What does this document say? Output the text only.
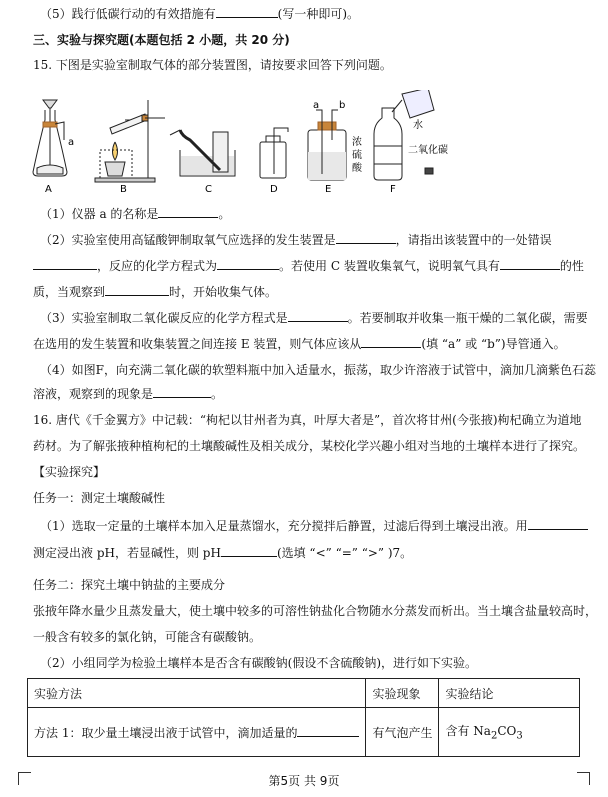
（5）践行低碳行动的有效措施有	(写一种即可)。
三、实验与探究题(本题包括 2 小题，共 20 分)
15. 下图是实验室制取气体的部分装置图，请按要求回答下列问题。
a
A	B	C	D
a b
浓
硫
酸
E
水
二氧化碳
F
（1）仪器 a 的名称是	。
（2）实验室使用高锰酸钾制取氧气应选择的发生装置是	，请指出该装置中的一处错误
，反应的化学方程式为	。若使用 C 装置收集氧气，说明氧气具有	的性
质，当观察到	时，开始收集气体。
（3）实验室制取二氧化碳反应的化学方程式是	。若要制取并收集一瓶干燥的二氧化碳，需要
在选用的发生装置和收集装置之间连接 E 装置，则气体应该从	(填 “a” 或 “b”)导管通入。
（4）如图F，向充满二氧化碳的软塑料瓶中加入适量水，振荡，取少许溶液于试管中，滴加几滴紫色石蕊
溶液，观察到的现象是	。
16. 唐代《千金翼方》中记载：“枸杞以甘州者为真，叶厚大者是”，首次将甘州(今张掖)枸杞确立为道地
药材。为了解张掖种植枸杞的土壤酸碱性及相关成分，某校化学兴趣小组对当地的土壤样本进行了探究。
【实验探究】
任务一：测定土壤酸碱性
（1）选取一定量的土壤样本加入足量蒸馏水，充分搅拌后静置，过滤后得到土壤浸出液。用
测定浸出液 pH，若显碱性，则 pH	(选填 “<” “=” “>” )7。
任务二：探究土壤中钠盐的主要成分
张掖年降水量少且蒸发量大，使土壤中较多的可溶性钠盐化合物随水分蒸发而析出。当土壤含盐量较高时，
一般含有较多的氯化钠，可能含有碳酸钠。
（2）小组同学为检验土壤样本是否含有碳酸钠(假设不含硫酸钠)，进行如下实验。
实验方法	实验现象	实验结论
方法 1：取少量土壤浸出液于试管中，滴加适量的	有气泡产生	含有 $Na_2CO_3$
第5页 共 9页
